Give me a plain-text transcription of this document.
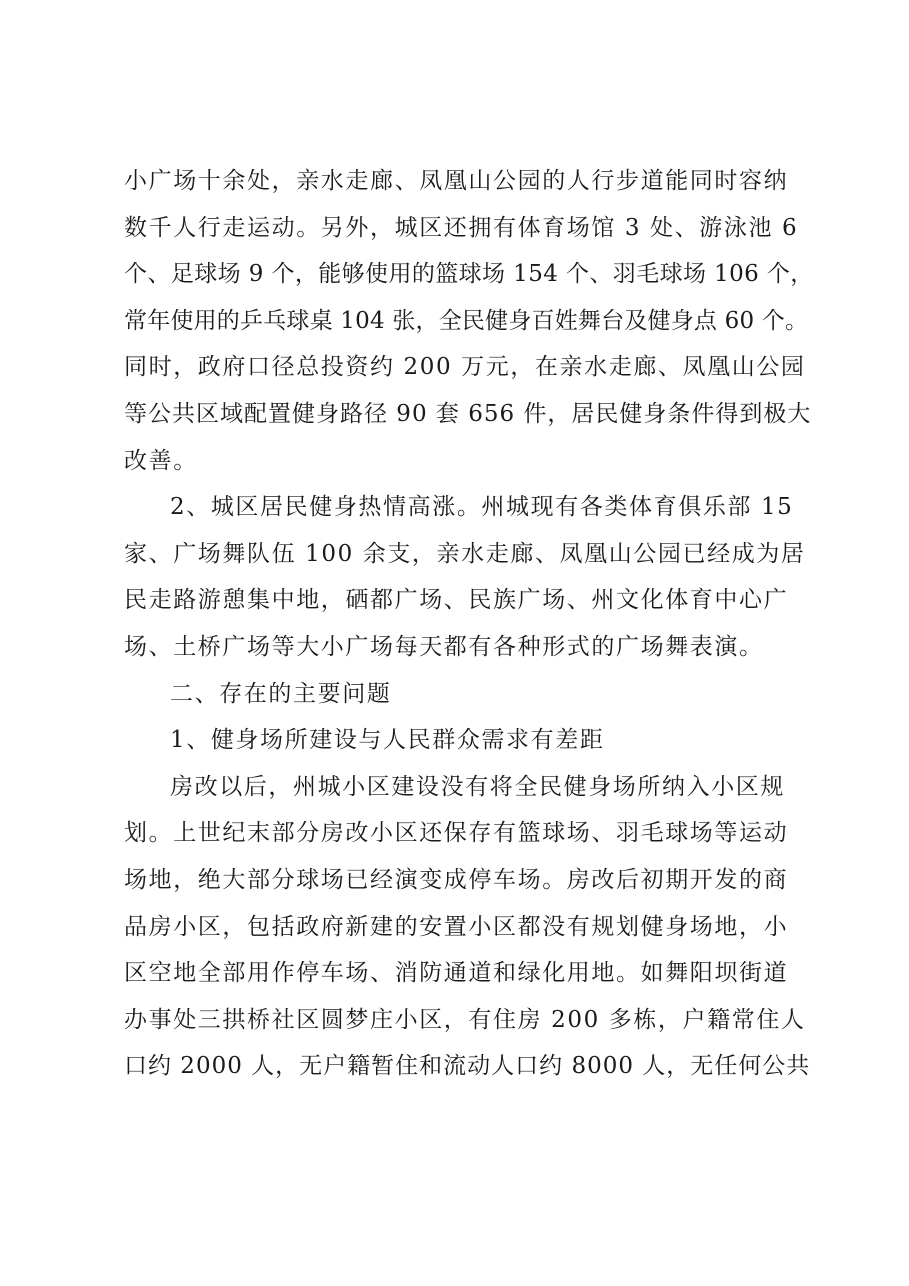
小广场十余处，亲水走廊、凤凰山公园的人行步道能同时容纳
数千人行走运动。另外，城区还拥有体育场馆 3 处、游泳池 6
个、足球场 9 个，能够使用的篮球场 154 个、羽毛球场 106 个，
常年使用的乒乓球桌 104 张，全民健身百姓舞台及健身点 60 个。
同时，政府口径总投资约 200 万元，在亲水走廊、凤凰山公园
等公共区域配置健身路径 90 套 656 件，居民健身条件得到极大
改善。
2、城区居民健身热情高涨。州城现有各类体育俱乐部 15
家、广场舞队伍 100 余支，亲水走廊、凤凰山公园已经成为居
民走路游憩集中地，硒都广场、民族广场、州文化体育中心广
场、土桥广场等大小广场每天都有各种形式的广场舞表演。
二、存在的主要问题
1、健身场所建设与人民群众需求有差距
房改以后，州城小区建设没有将全民健身场所纳入小区规
划。上世纪末部分房改小区还保存有篮球场、羽毛球场等运动
场地，绝大部分球场已经演变成停车场。房改后初期开发的商
品房小区，包括政府新建的安置小区都没有规划健身场地，小
区空地全部用作停车场、消防通道和绿化用地。如舞阳坝街道
办事处三拱桥社区圆梦庄小区，有住房 200 多栋，户籍常住人
口约 2000 人，无户籍暂住和流动人口约 8000 人，无任何公共
